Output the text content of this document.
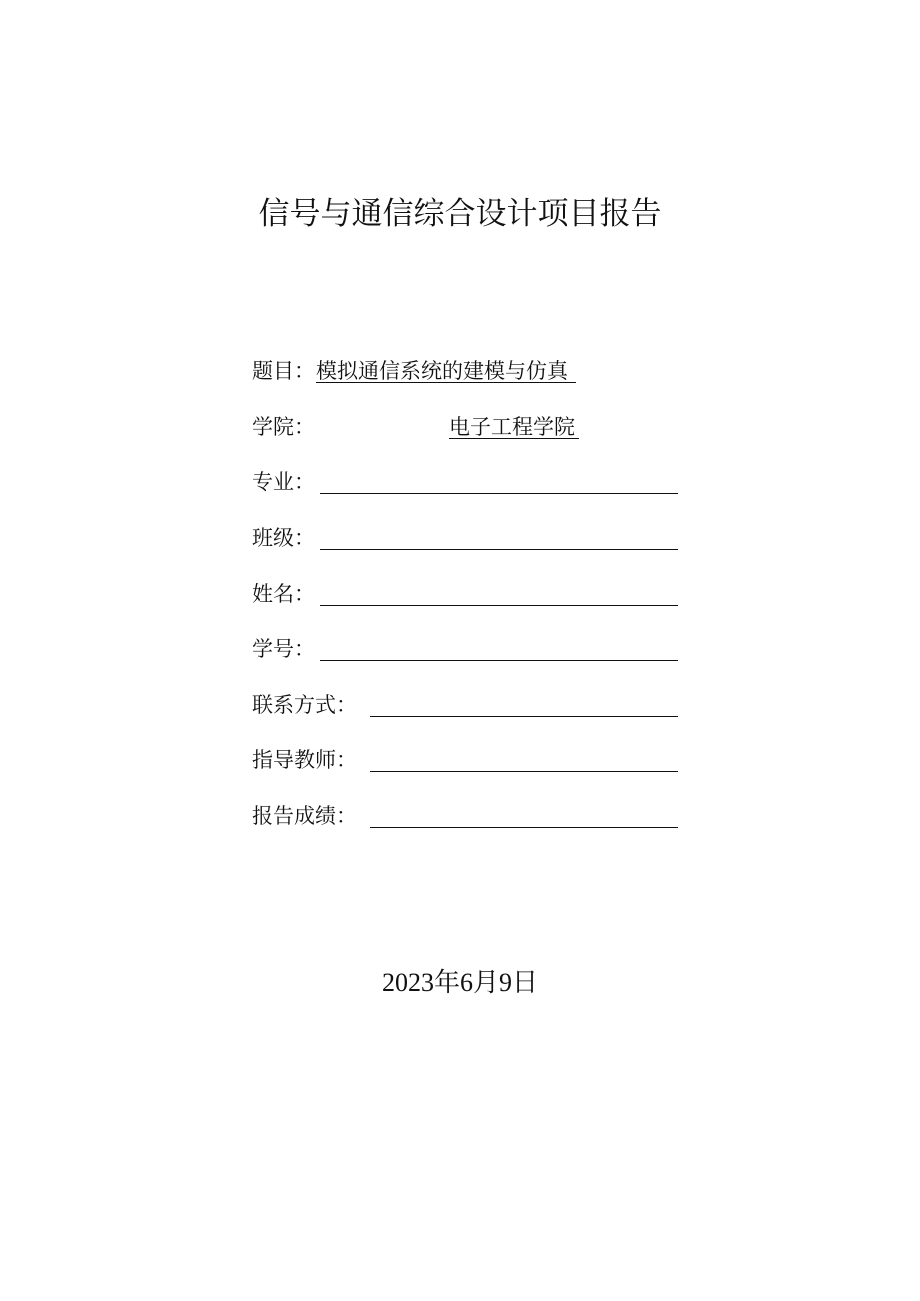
信号与通信综合设计项目报告
题目： 模拟通信系统的建模与仿真
学院：	电子工程学院
专业：
班级：
姓名：
学号：
联系方式：
指导教师：
报告成绩：
2023年6月9日
